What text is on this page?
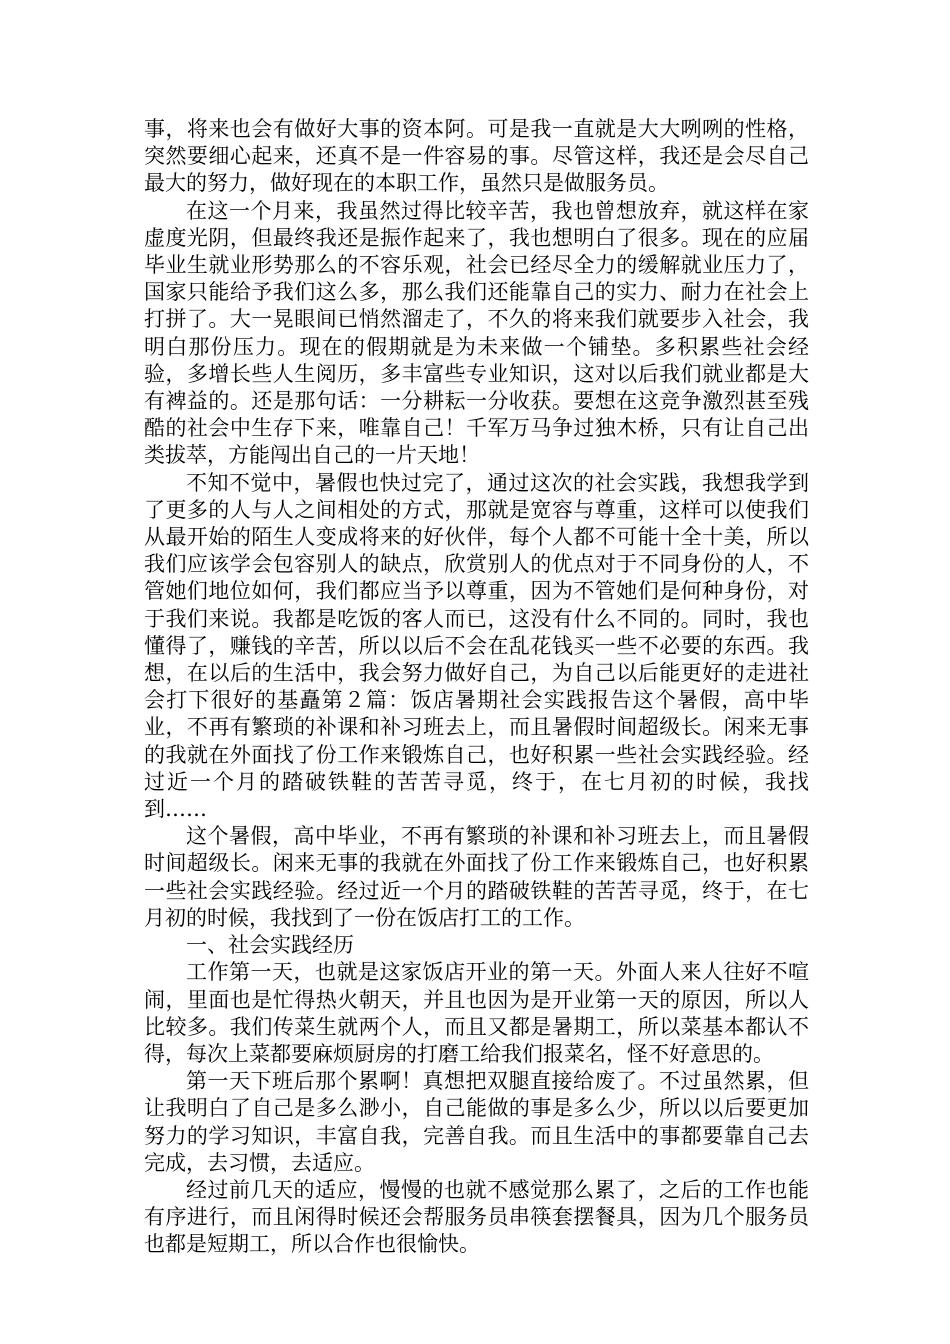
事，将来也会有做好大事的资本阿。可是我一直就是大大咧咧的性格，突然要细心起来，还真不是一件容易的事。尽管这样，我还是会尽自己最大的努力，做好现在的本职工作，虽然只是做服务员。

在这一个月来，我虽然过得比较辛苦，我也曾想放弃，就这样在家虚度光阴，但最终我还是振作起来了，我也想明白了很多。现在的应届毕业生就业形势那么的不容乐观，社会已经尽全力的缓解就业压力了，国家只能给予我们这么多，那么我们还能靠自己的实力、耐力在社会上打拼了。大一晃眼间已悄然溜走了，不久的将来我们就要步入社会，我明白那份压力。现在的假期就是为未来做一个铺垫。多积累些社会经验，多增长些人生阅历，多丰富些专业知识，这对以后我们就业都是大有裨益的。还是那句话：一分耕耘一分收获。要想在这竞争激烈甚至残酷的社会中生存下来，唯靠自己！千军万马争过独木桥，只有让自己出类拔萃，方能闯出自己的一片天地！

不知不觉中，暑假也快过完了，通过这次的社会实践，我想我学到了更多的人与人之间相处的方式，那就是宽容与尊重，这样可以使我们从最开始的陌生人变成将来的好伙伴，每个人都不可能十全十美，所以我们应该学会包容别人的缺点，欣赏别人的优点对于不同身份的人，不管她们地位如何，我们都应当予以尊重，因为不管她们是何种身份，对于我们来说。我都是吃饭的客人而已，这没有什么不同的。同时，我也懂得了，赚钱的辛苦，所以以后不会在乱花钱买一些不必要的东西。我想，在以后的生活中，我会努力做好自己，为自己以后能更好的走进社会打下很好的基矗第２篇：饭店暑期社会实践报告这个暑假，高中毕业，不再有繁琐的补课和补习班去上，而且暑假时间超级长。闲来无事的我就在外面找了份工作来锻炼自己，也好积累一些社会实践经验。经过近一个月的踏破铁鞋的苦苦寻觅，终于，在七月初的时候，我找到……

这个暑假，高中毕业，不再有繁琐的补课和补习班去上，而且暑假时间超级长。闲来无事的我就在外面找了份工作来锻炼自己，也好积累一些社会实践经验。经过近一个月的踏破铁鞋的苦苦寻觅，终于，在七月初的时候，我找到了一份在饭店打工的工作。

一、社会实践经历

工作第一天，也就是这家饭店开业的第一天。外面人来人往好不喧闹，里面也是忙得热火朝天，并且也因为是开业第一天的原因，所以人比较多。我们传菜生就两个人，而且又都是暑期工，所以菜基本都认不得，每次上菜都要麻烦厨房的打磨工给我们报菜名，怪不好意思的。

第一天下班后那个累啊！真想把双腿直接给废了。不过虽然累，但让我明白了自己是多么渺小，自己能做的事是多么少，所以以后要更加努力的学习知识，丰富自我，完善自我。而且生活中的事都要靠自己去完成，去习惯，去适应。

经过前几天的适应，慢慢的也就不感觉那么累了，之后的工作也能有序进行，而且闲得时候还会帮服务员串筷套摆餐具，因为几个服务员也都是短期工，所以合作也很愉快。
